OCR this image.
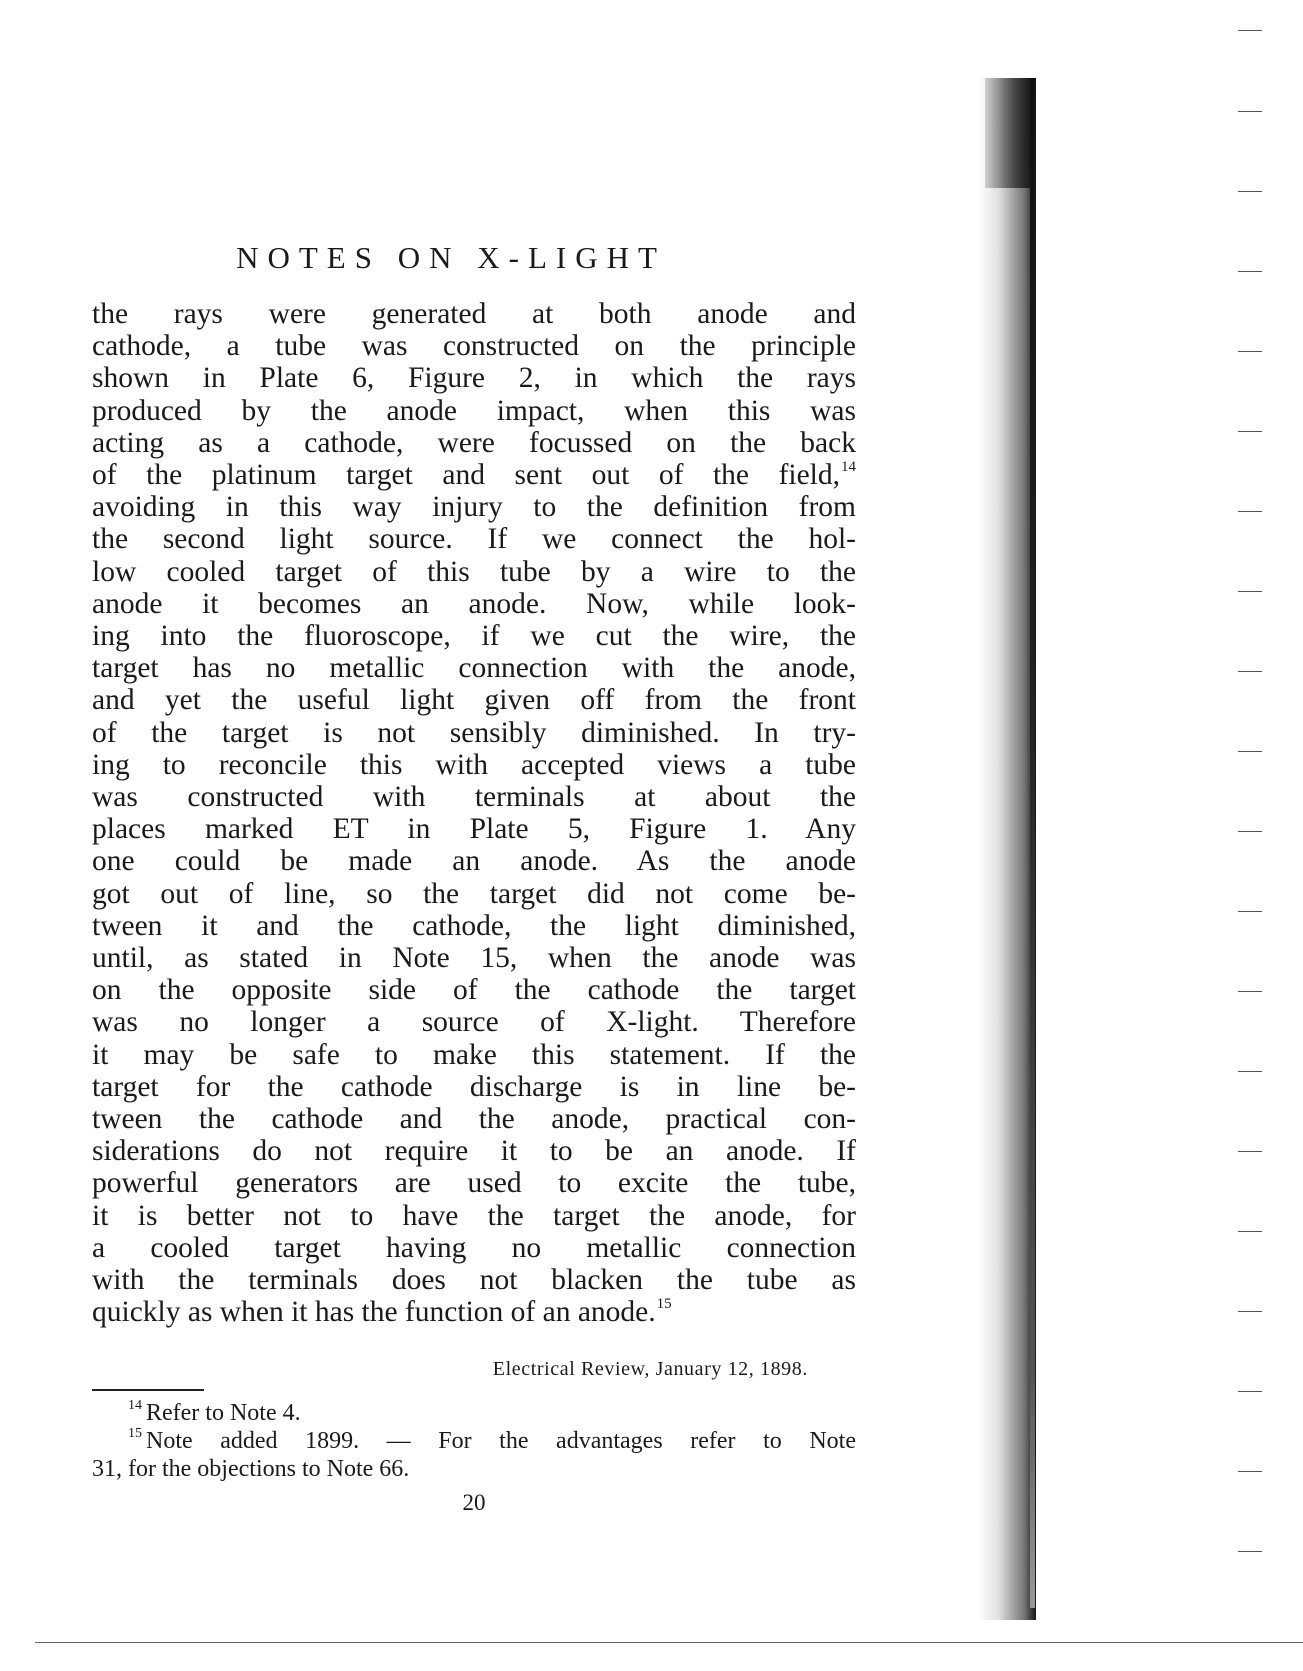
NOTES ON X-LIGHT
the rays were generated at both anode and
cathode, a tube was constructed on the principle
shown in Plate 6, Figure 2, in which the rays
produced by the anode impact, when this was
acting as a cathode, were focussed on the back
of the platinum target and sent out of the field,$^{14}$
avoiding in this way injury to the definition from
the second light source. If we connect the hol-
low cooled target of this tube by a wire to the
anode it becomes an anode. Now, while look-
ing into the fluoroscope, if we cut the wire, the
target has no metallic connection with the anode,
and yet the useful light given off from the front
of the target is not sensibly diminished. In try-
ing to reconcile this with accepted views a tube
was constructed with terminals at about the
places marked ET in Plate 5, Figure 1. Any
one could be made an anode. As the anode
got out of line, so the target did not come be-
tween it and the cathode, the light diminished,
until, as stated in Note 15, when the anode was
on the opposite side of the cathode the target
was no longer a source of X-light. Therefore
it may be safe to make this statement. If the
target for the cathode discharge is in line be-
tween the cathode and the anode, practical con-
siderations do not require it to be an anode. If
powerful generators are used to excite the tube,
it is better not to have the target the anode, for
a cooled target having no metallic connection
with the terminals does not blacken the tube as
quickly as when it has the function of an anode.$^{15}$
Electrical Review, January 12, 1898.
$^{14}$ Refer to Note 4.
$^{15}$ Note added 1899. — For the advantages refer to Note
31, for the objections to Note 66.
20
